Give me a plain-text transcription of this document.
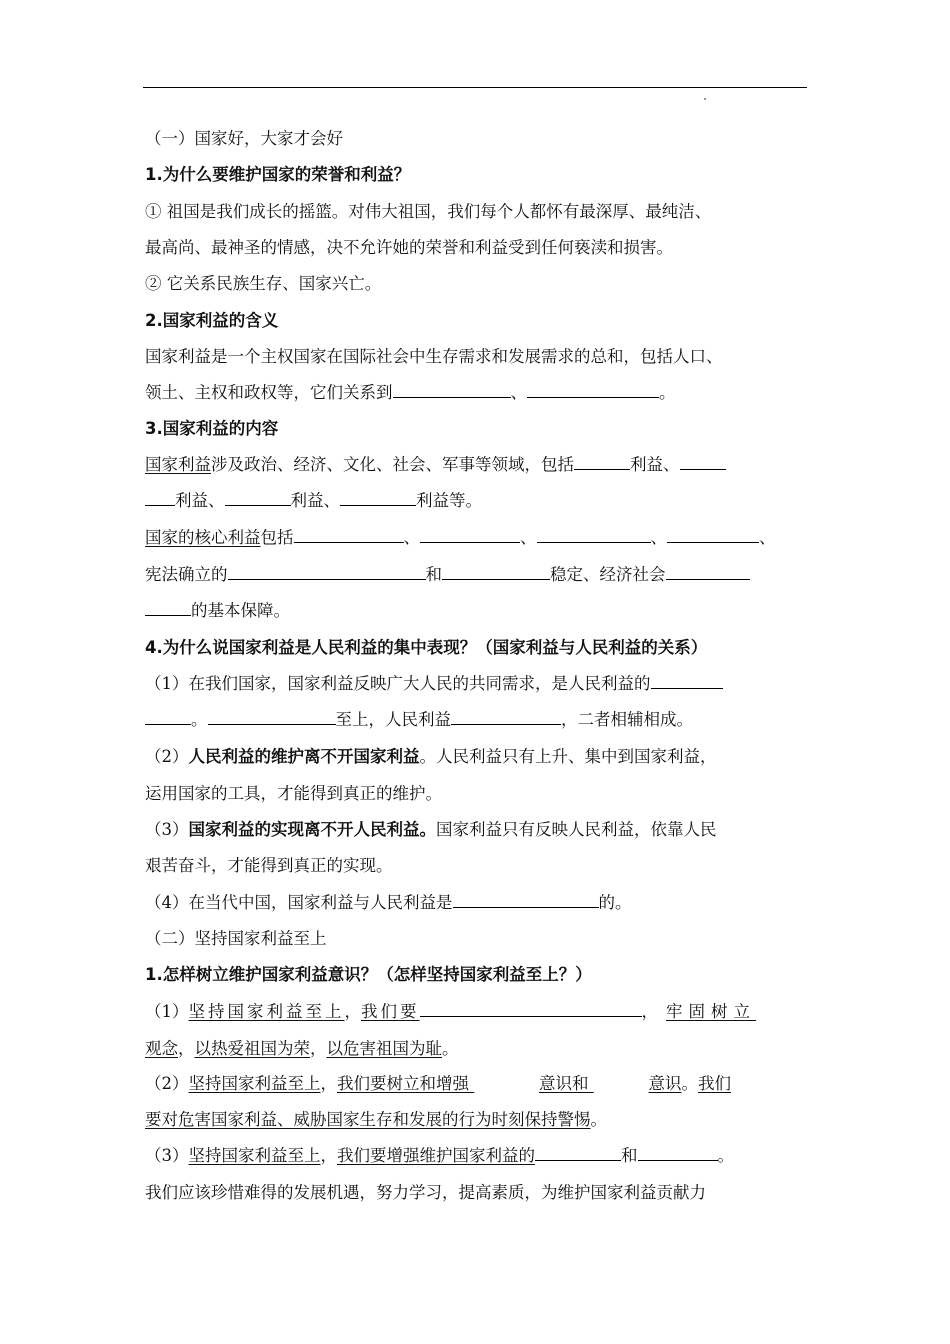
（一）国家好，大家才会好
1.为什么要维护国家的荣誉和利益？
① 祖国是我们成长的摇篮。对伟大祖国，我们每个人都怀有最深厚、最纯洁、
最高尚、最神圣的情感，决不允许她的荣誉和利益受到任何亵渎和损害。
② 它关系民族生存、国家兴亡。
2.国家利益的含义
国家利益是一个主权国家在国际社会中生存需求和发展需求的总和，包括人口、
领土、主权和政权等，它们关系到	、	。
3.国家利益的内容
国家利益涉及政治、经济、文化、社会、军事等领域，包括	利益、
利益、	利益、	利益等。
国家的核心利益包括	、	、	、	、
宪法确立的	和	稳定、经济社会
的基本保障。
4.为什么说国家利益是人民利益的集中表现？（国家利益与人民利益的关系）
（1）在我们国家，国家利益反映广大人民的共同需求，是人民利益的
。	至上，人民利益	，二者相辅相成。
（2）人民利益的维护离不开国家利益。人民利益只有上升、集中到国家利益，
运用国家的工具，才能得到真正的维护。
（3）国家利益的实现离不开人民利益。国家利益只有反映人民利益，依靠人民
艰苦奋斗，才能得到真正的实现。
（4）在当代中国，国家利益与人民利益是	的。
（二）坚持国家利益至上
1.怎样树立维护国家利益意识？（怎样坚持国家利益至上？）
（1）坚持国家利益至上，我们要	， 牢固树立
观念，以热爱祖国为荣，以危害祖国为耻。
（2）坚持国家利益至上，我们要树立和增强	意识和	意识。我们
要对危害国家利益、威胁国家生存和发展的行为时刻保持警惕。
（3）坚持国家利益至上，我们要增强维护国家利益的	和	。
我们应该珍惜难得的发展机遇，努力学习，提高素质，为维护国家利益贡献力
